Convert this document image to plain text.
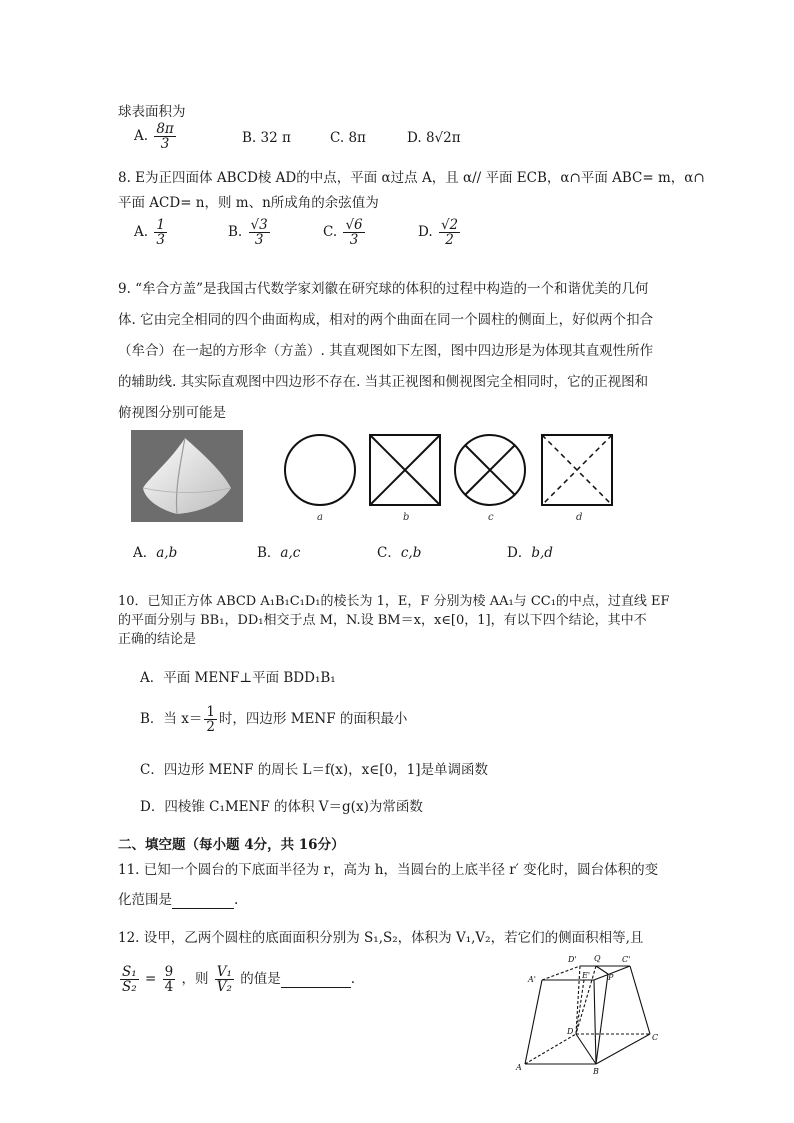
球表面积为
A. $\frac{8\pi}{3}$	B. 32 π	C. 8π	D. 8√2π
8. E为正四面体 ABCD棱 AD的中点，平面 α过点 A，且 α// 平面 ECB，α∩平面 ABC= m，α∩
平面 ACD= n，则 m、n所成角的余弦值为
A. $\frac{1}{3}$	B. $\frac{√3}{3}$	C. $\frac{√6}{3}$	D. $\frac{√2}{2}$
9. “牟合方盖”是我国古代数学家刘徽在研究球的体积的过程中构造的一个和谐优美的几何
体. 它由完全相同的四个曲面构成，相对的两个曲面在同一个圆柱的侧面上，好似两个扣合
（牟合）在一起的方形伞（方盖）. 其直观图如下左图，图中四边形是为体现其直观性所作
的辅助线. 其实际直观图中四边形不存在. 当其正视图和侧视图完全相同时，它的正视图和
俯视图分别可能是
a	b	c	d
A．a,b	B．a,c	C．c,b	D．b,d
10．已知正方体 ABCD A₁B₁C₁D₁的棱长为 1，E，F 分别为棱 AA₁与 CC₁的中点，过直线 EF
的平面分别与 BB₁，DD₁相交于点 M，N.设 BM＝x，x∈[0，1]，有以下四个结论，其中不
正确的结论是
A．平面 MENF⊥平面 BDD₁B₁
B．当 $x= \frac{1}{2}$ 时，四边形 MENF 的面积最小
C．四边形 MENF 的周长 L＝f(x)，x∈[0，1]是单调函数
D．四棱锥 C₁MENF 的体积 V＝g(x)为常函数
二、填空题（每小题 4分，共 16分）
11. 已知一个圆台的下底面半径为 r，高为 h，当圆台的上底半径 r′ 变化时，圆台体积的变
化范围是	.
12. 设甲，乙两个圆柱的底面面积分别为 S₁,S₂，体积为 V₁,V₂，若它们的侧面积相等,且
$\frac{\text{S₁}}{\text{S₂}} = \frac{9}{4}$ ，则 $\frac{\text{V₁}}{\text{V₂}}$ 的值是	.
D' Q	C'
A'	E' P
D
C
A	B
